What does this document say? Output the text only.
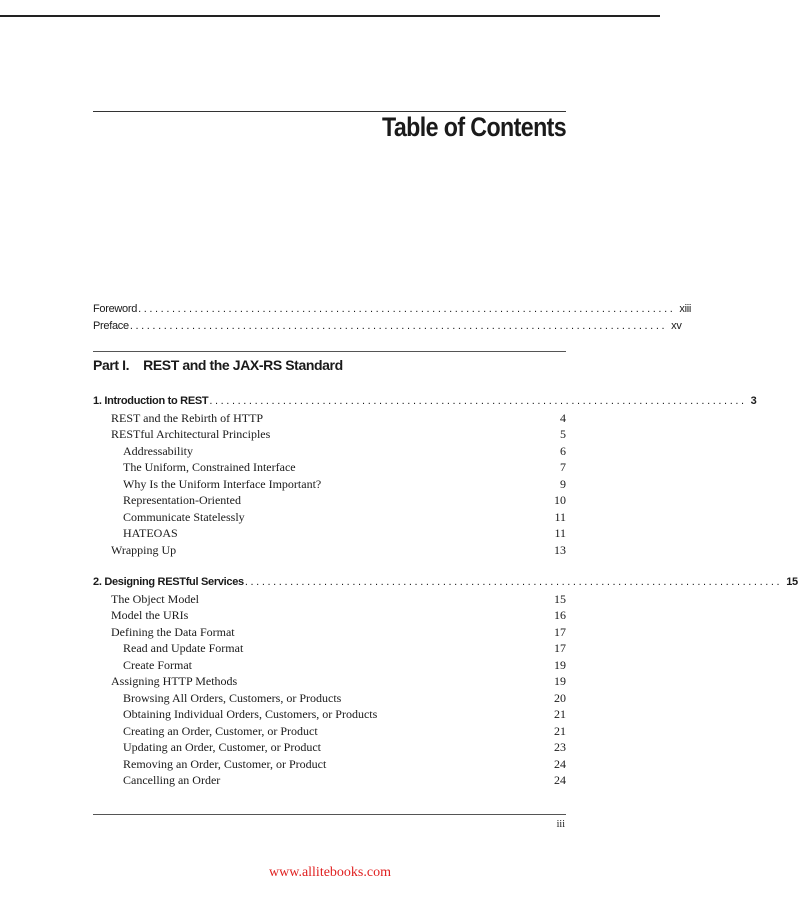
Table of Contents
Foreword ............................................................................................... xiii
Preface ............................................................................................... xv
Part I. REST and the JAX-RS Standard
1. Introduction to REST ............................................................................................... 3
REST and the Rebirth of HTTP	4
RESTful Architectural Principles	5
Addressability	6
The Uniform, Constrained Interface	7
Why Is the Uniform Interface Important?	9
Representation-Oriented	10
Communicate Statelessly	11
HATEOAS	11
Wrapping Up	13
2. Designing RESTful Services ............................................................................................... 15
The Object Model	15
Model the URIs	16
Defining the Data Format	17
Read and Update Format	17
Create Format	19
Assigning HTTP Methods	19
Browsing All Orders, Customers, or Products	20
Obtaining Individual Orders, Customers, or Products	21
Creating an Order, Customer, or Product	21
Updating an Order, Customer, or Product	23
Removing an Order, Customer, or Product	24
Cancelling an Order	24
iii
www.allitebooks.com
